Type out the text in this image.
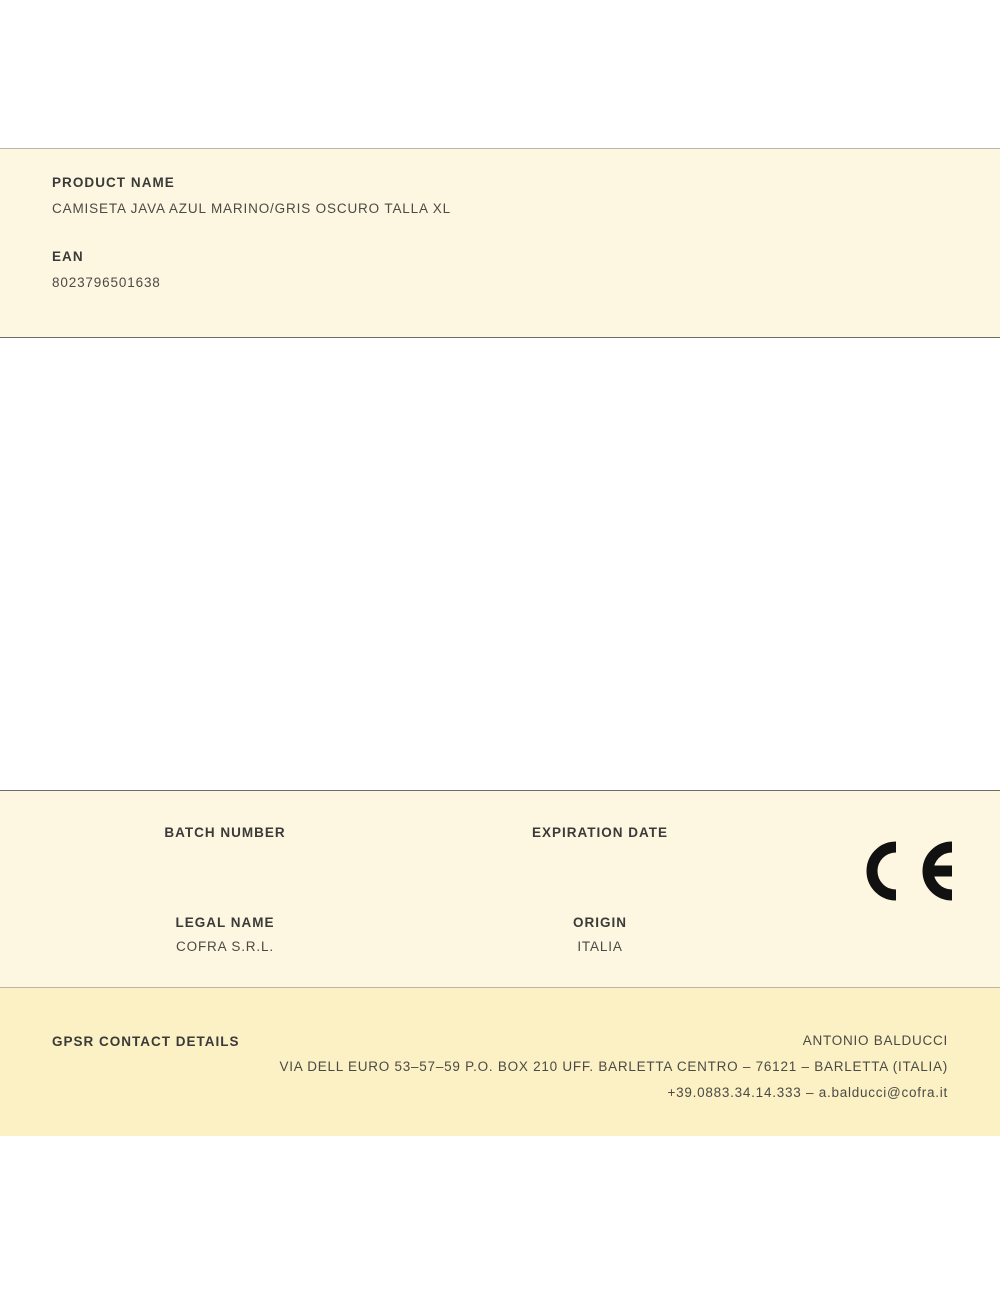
PRODUCT NAME

CAMISETA JAVA AZUL MARINO/GRIS OSCURO TALLA XL

EAN

8023796501638

BATCH NUMBER	EXPIRATION DATE

LEGAL NAME

COFRA S.R.L.

ORIGIN

ITALIA

GPSR CONTACT DETAILS	ANTONIO BALDUCCI

VIA DELL EURO 53–57–59 P.O. BOX 210 UFF. BARLETTA CENTRO – 76121 – BARLETTA (ITALIA)

+39.0883.34.14.333 – a.balducci@cofra.it
